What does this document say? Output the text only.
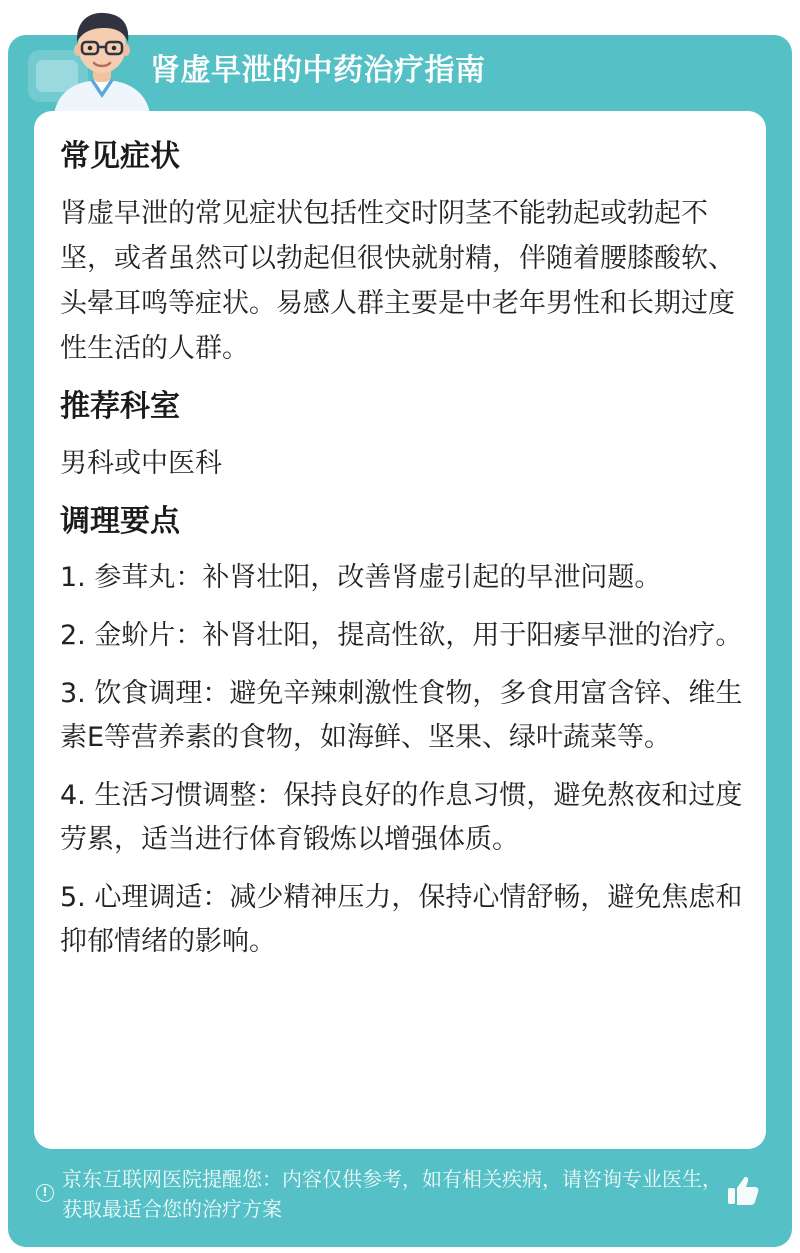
肾虚早泄的中药治疗指南
常见症状
肾虚早泄的常见症状包括性交时阴茎不能勃起或勃起不坚，或者虽然可以勃起但很快就射精，伴随着腰膝酸软、头晕耳鸣等症状。易感人群主要是中老年男性和长期过度性生活的人群。
推荐科室
男科或中医科
调理要点
1. 参茸丸：补肾壮阳，改善肾虚引起的早泄问题。
2. 金蚧片：补肾壮阳，提高性欲，用于阳痿早泄的治疗。
3. 饮食调理：避免辛辣刺激性食物，多食用富含锌、维生素E等营养素的食物，如海鲜、坚果、绿叶蔬菜等。
4. 生活习惯调整：保持良好的作息习惯，避免熬夜和过度劳累，适当进行体育锻炼以增强体质。
5. 心理调适：减少精神压力，保持心情舒畅，避免焦虑和抑郁情绪的影响。
!
京东互联网医院提醒您：内容仅供参考，如有相关疾病，请咨询专业医生，获取最适合您的治疗方案
